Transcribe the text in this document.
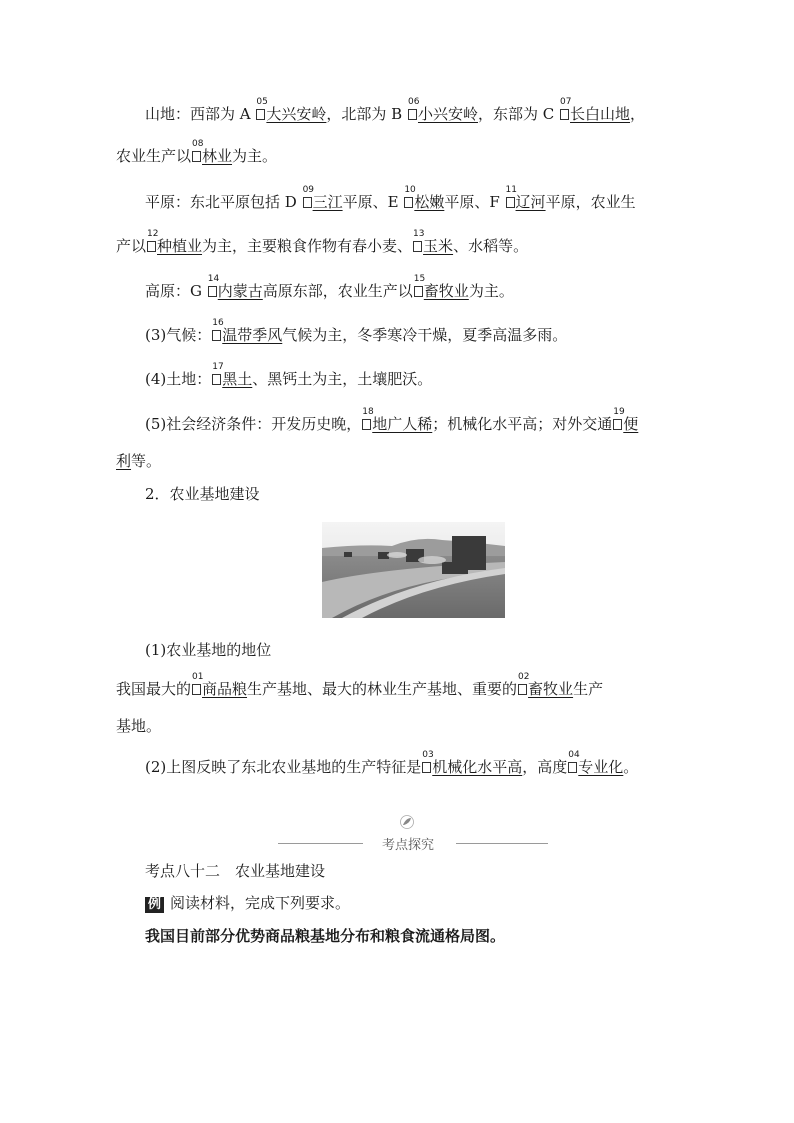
山地：西部为 A
05
大兴安岭，北部为 B
06
小兴安岭，东部为 C
07
长白山地，
农业生产以
08
林业为主。
平原：东北平原包括 D
09
三江平原、E
10
松嫩平原、F
11
辽河平原，农业生
产以
12
种植业为主，主要粮食作物有春小麦、
13
玉米、水稻等。
高原：G
14
内蒙古高原东部，农业生产以
15
畜牧业为主。
(3)气候：
16
温带季风气候为主，冬季寒冷干燥，夏季高温多雨。
(4)土地：
17
黑土、黑钙土为主，土壤肥沃。
(5)社会经济条件：开发历史晚，
18
地广人稀；机械化水平高；对外交通
19
便
利等。
2．农业基地建设
(1)农业基地的地位
我国最大的
01
商品粮生产基地、最大的林业生产基地、重要的
02
畜牧业生产
基地。
(2)上图反映了东北农业基地的生产特征是
03
机械化水平高，高度
04
专业化。
考点探究
考点八十二　农业基地建设
例 阅读材料，完成下列要求。
我国目前部分优势商品粮基地分布和粮食流通格局图。
